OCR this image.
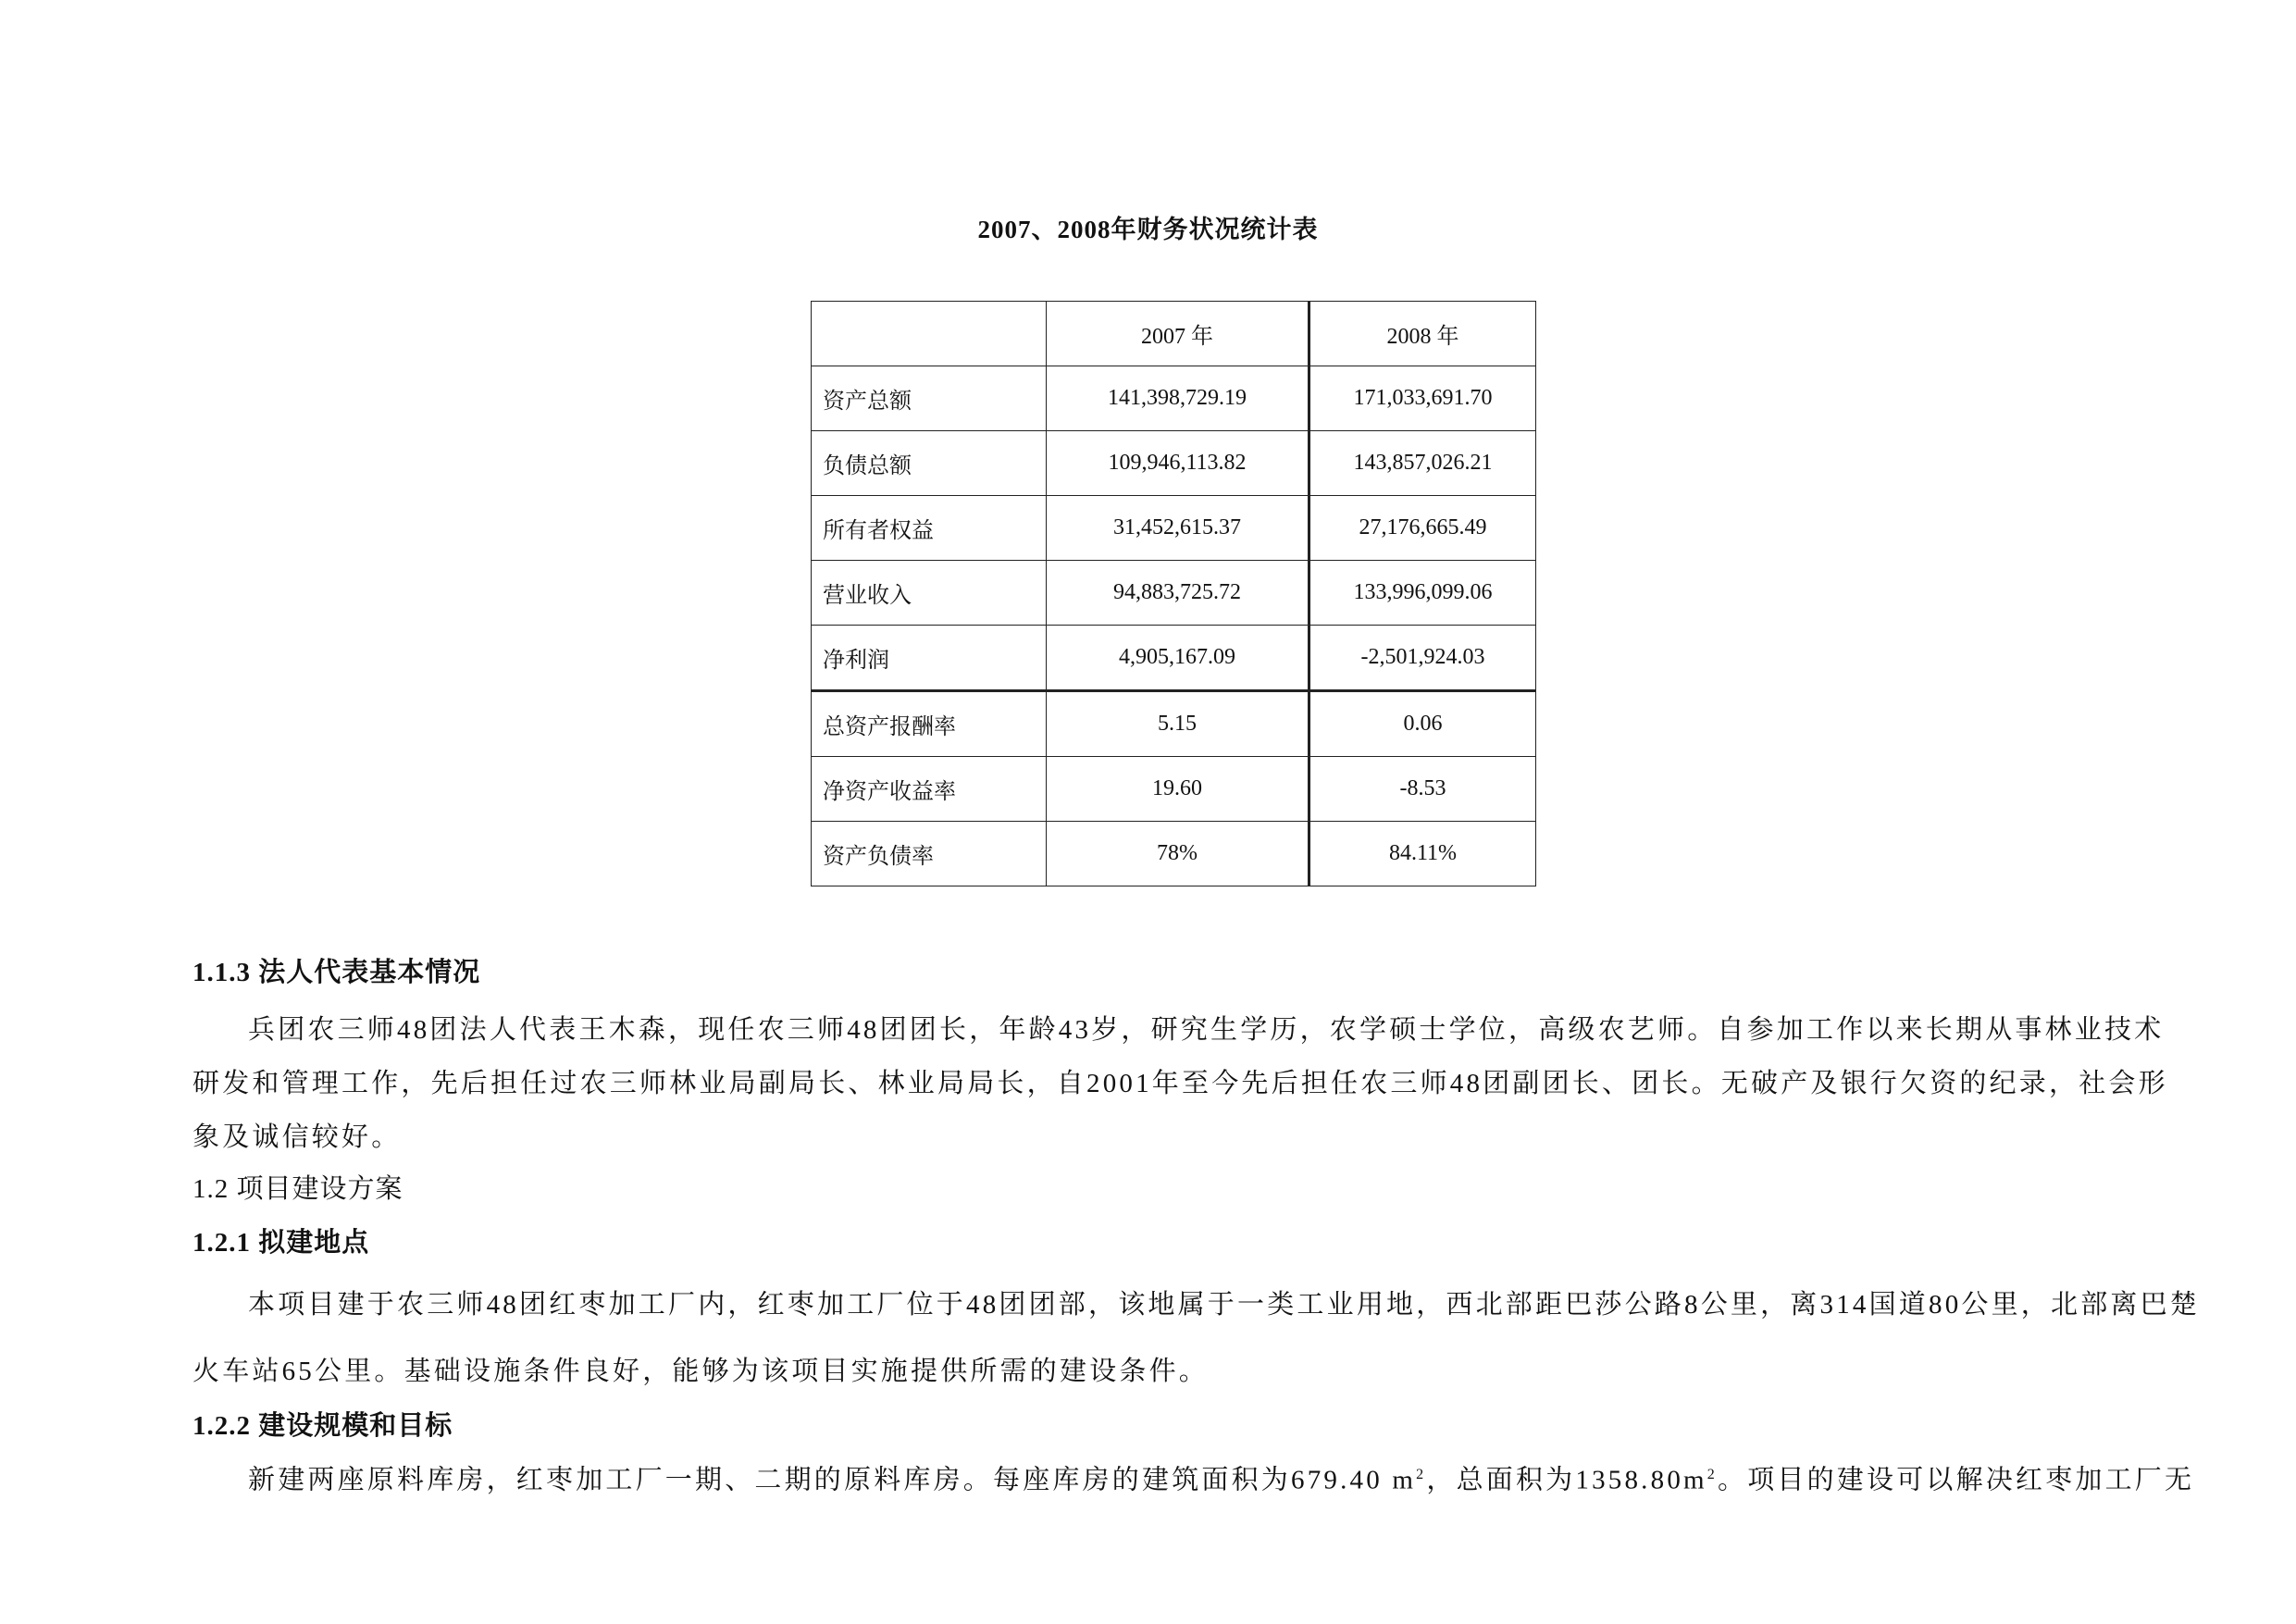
2007、2008年财务状况统计表
	2007 年	2008 年
资产总额	141,398,729.19	171,033,691.70
负债总额	109,946,113.82	143,857,026.21
所有者权益	31,452,615.37	27,176,665.49
营业收入	94,883,725.72	133,996,099.06
净利润	4,905,167.09	-2,501,924.03
总资产报酬率	5.15	0.06
净资产收益率	19.60	-8.53
资产负债率	78%	84.11%
1.1.3 法人代表基本情况
兵团农三师48团法人代表王木森，现任农三师48团团长，年龄43岁，研究生学历，农学硕士学位，高级农艺师。自参加工作以来长期从事林业技术
研发和管理工作，先后担任过农三师林业局副局长、林业局局长，自2001年至今先后担任农三师48团副团长、团长。无破产及银行欠资的纪录，社会形
象及诚信较好。
1.2 项目建设方案
1.2.1 拟建地点
本项目建于农三师48团红枣加工厂内，红枣加工厂位于48团团部，该地属于一类工业用地，西北部距巴莎公路8公里，离314国道80公里，北部离巴楚
火车站65公里。基础设施条件良好，能够为该项目实施提供所需的建设条件。
1.2.2 建设规模和目标
新建两座原料库房，红枣加工厂一期、二期的原料库房。每座库房的建筑面积为679.40 $m^2$，总面积为$1358.80m^2$。项目的建设可以解决红枣加工厂无
